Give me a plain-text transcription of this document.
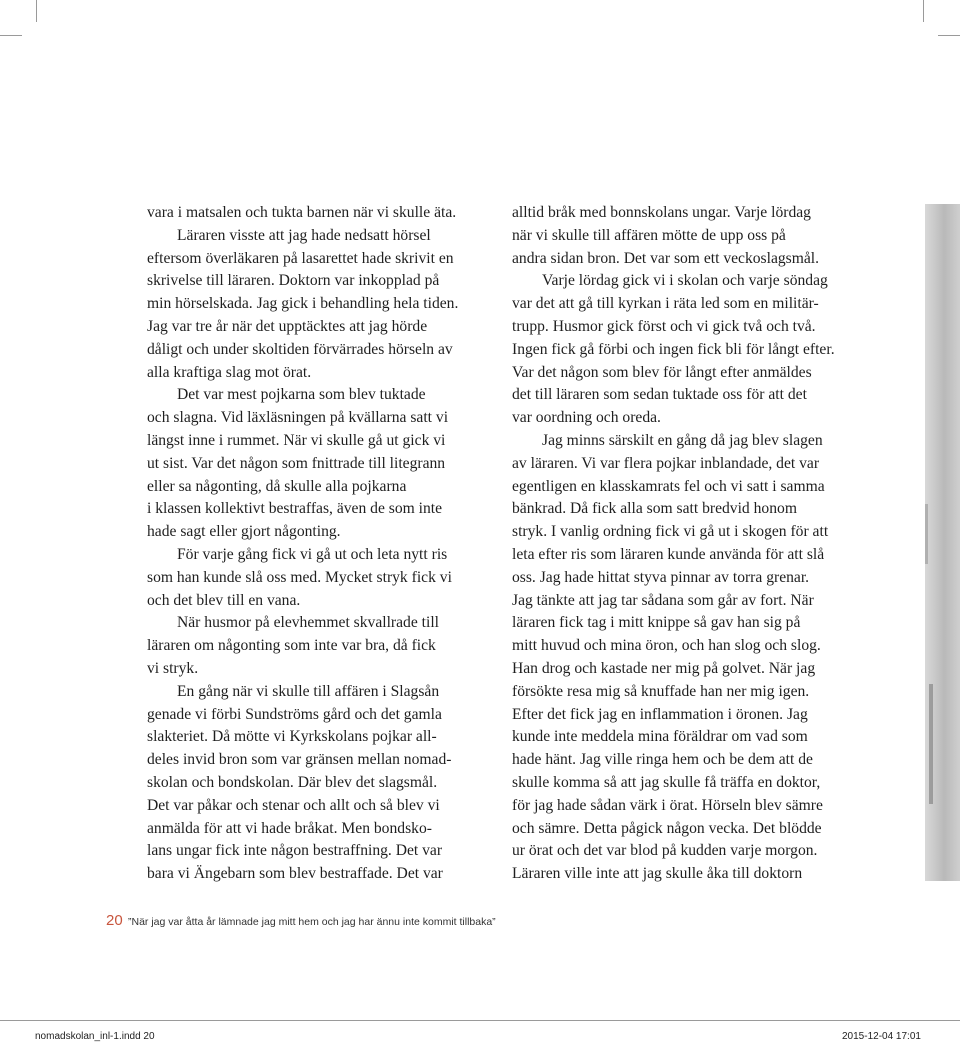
vara i matsalen och tukta barnen när vi skulle äta.
Läraren visste att jag hade nedsatt hörsel
eftersom överläkaren på lasarettet hade skrivit en
skrivelse till läraren. Doktorn var inkopplad på
min hörselskada. Jag gick i behandling hela tiden.
Jag var tre år när det upptäcktes att jag hörde
dåligt och under skoltiden förvärrades hörseln av
alla kraftiga slag mot örat.
Det var mest pojkarna som blev tuktade
och slagna. Vid läxläsningen på kvällarna satt vi
längst inne i rummet. När vi skulle gå ut gick vi
ut sist. Var det någon som fnittrade till litegrann
eller sa någonting, då skulle alla pojkarna
i klassen kollektivt bestraffas, även de som inte
hade sagt eller gjort någonting.
För varje gång fick vi gå ut och leta nytt ris
som han kunde slå oss med. Mycket stryk fick vi
och det blev till en vana.
När husmor på elevhemmet skvallrade till
läraren om någonting som inte var bra, då fick
vi stryk.
En gång när vi skulle till affären i Slagsån
genade vi förbi Sundströms gård och det gamla
slakteriet. Då mötte vi Kyrkskolans pojkar all-
deles invid bron som var gränsen mellan nomad-
skolan och bondskolan. Där blev det slagsmål.
Det var påkar och stenar och allt och så blev vi
anmälda för att vi hade bråkat. Men bondsko-
lans ungar fick inte någon bestraffning. Det var
bara vi Ängebarn som blev bestraffade. Det var
alltid bråk med bonnskolans ungar. Varje lördag
när vi skulle till affären mötte de upp oss på
andra sidan bron. Det var som ett veckoslagsmål.
Varje lördag gick vi i skolan och varje söndag
var det att gå till kyrkan i räta led som en militär-
trupp. Husmor gick först och vi gick två och två.
Ingen fick gå förbi och ingen fick bli för långt efter.
Var det någon som blev för långt efter anmäldes
det till läraren som sedan tuktade oss för att det
var oordning och oreda.
Jag minns särskilt en gång då jag blev slagen
av läraren. Vi var flera pojkar inblandade, det var
egentligen en klasskamrats fel och vi satt i samma
bänkrad. Då fick alla som satt bredvid honom
stryk. I vanlig ordning fick vi gå ut i skogen för att
leta efter ris som läraren kunde använda för att slå
oss. Jag hade hittat styva pinnar av torra grenar.
Jag tänkte att jag tar sådana som går av fort. När
läraren fick tag i mitt knippe så gav han sig på
mitt huvud och mina öron, och han slog och slog.
Han drog och kastade ner mig på golvet. När jag
försökte resa mig så knuffade han ner mig igen.
Efter det fick jag en inflammation i öronen. Jag
kunde inte meddela mina föräldrar om vad som
hade hänt. Jag ville ringa hem och be dem att de
skulle komma så att jag skulle få träffa en doktor,
för jag hade sådan värk i örat. Hörseln blev sämre
och sämre. Detta pågick någon vecka. Det blödde
ur örat och det var blod på kudden varje morgon.
Läraren ville inte att jag skulle åka till doktorn
20 ”När jag var åtta år lämnade jag mitt hem och jag har ännu inte kommit tillbaka”
nomadskolan_inl-1.indd 20	2015-12-04 17:01
